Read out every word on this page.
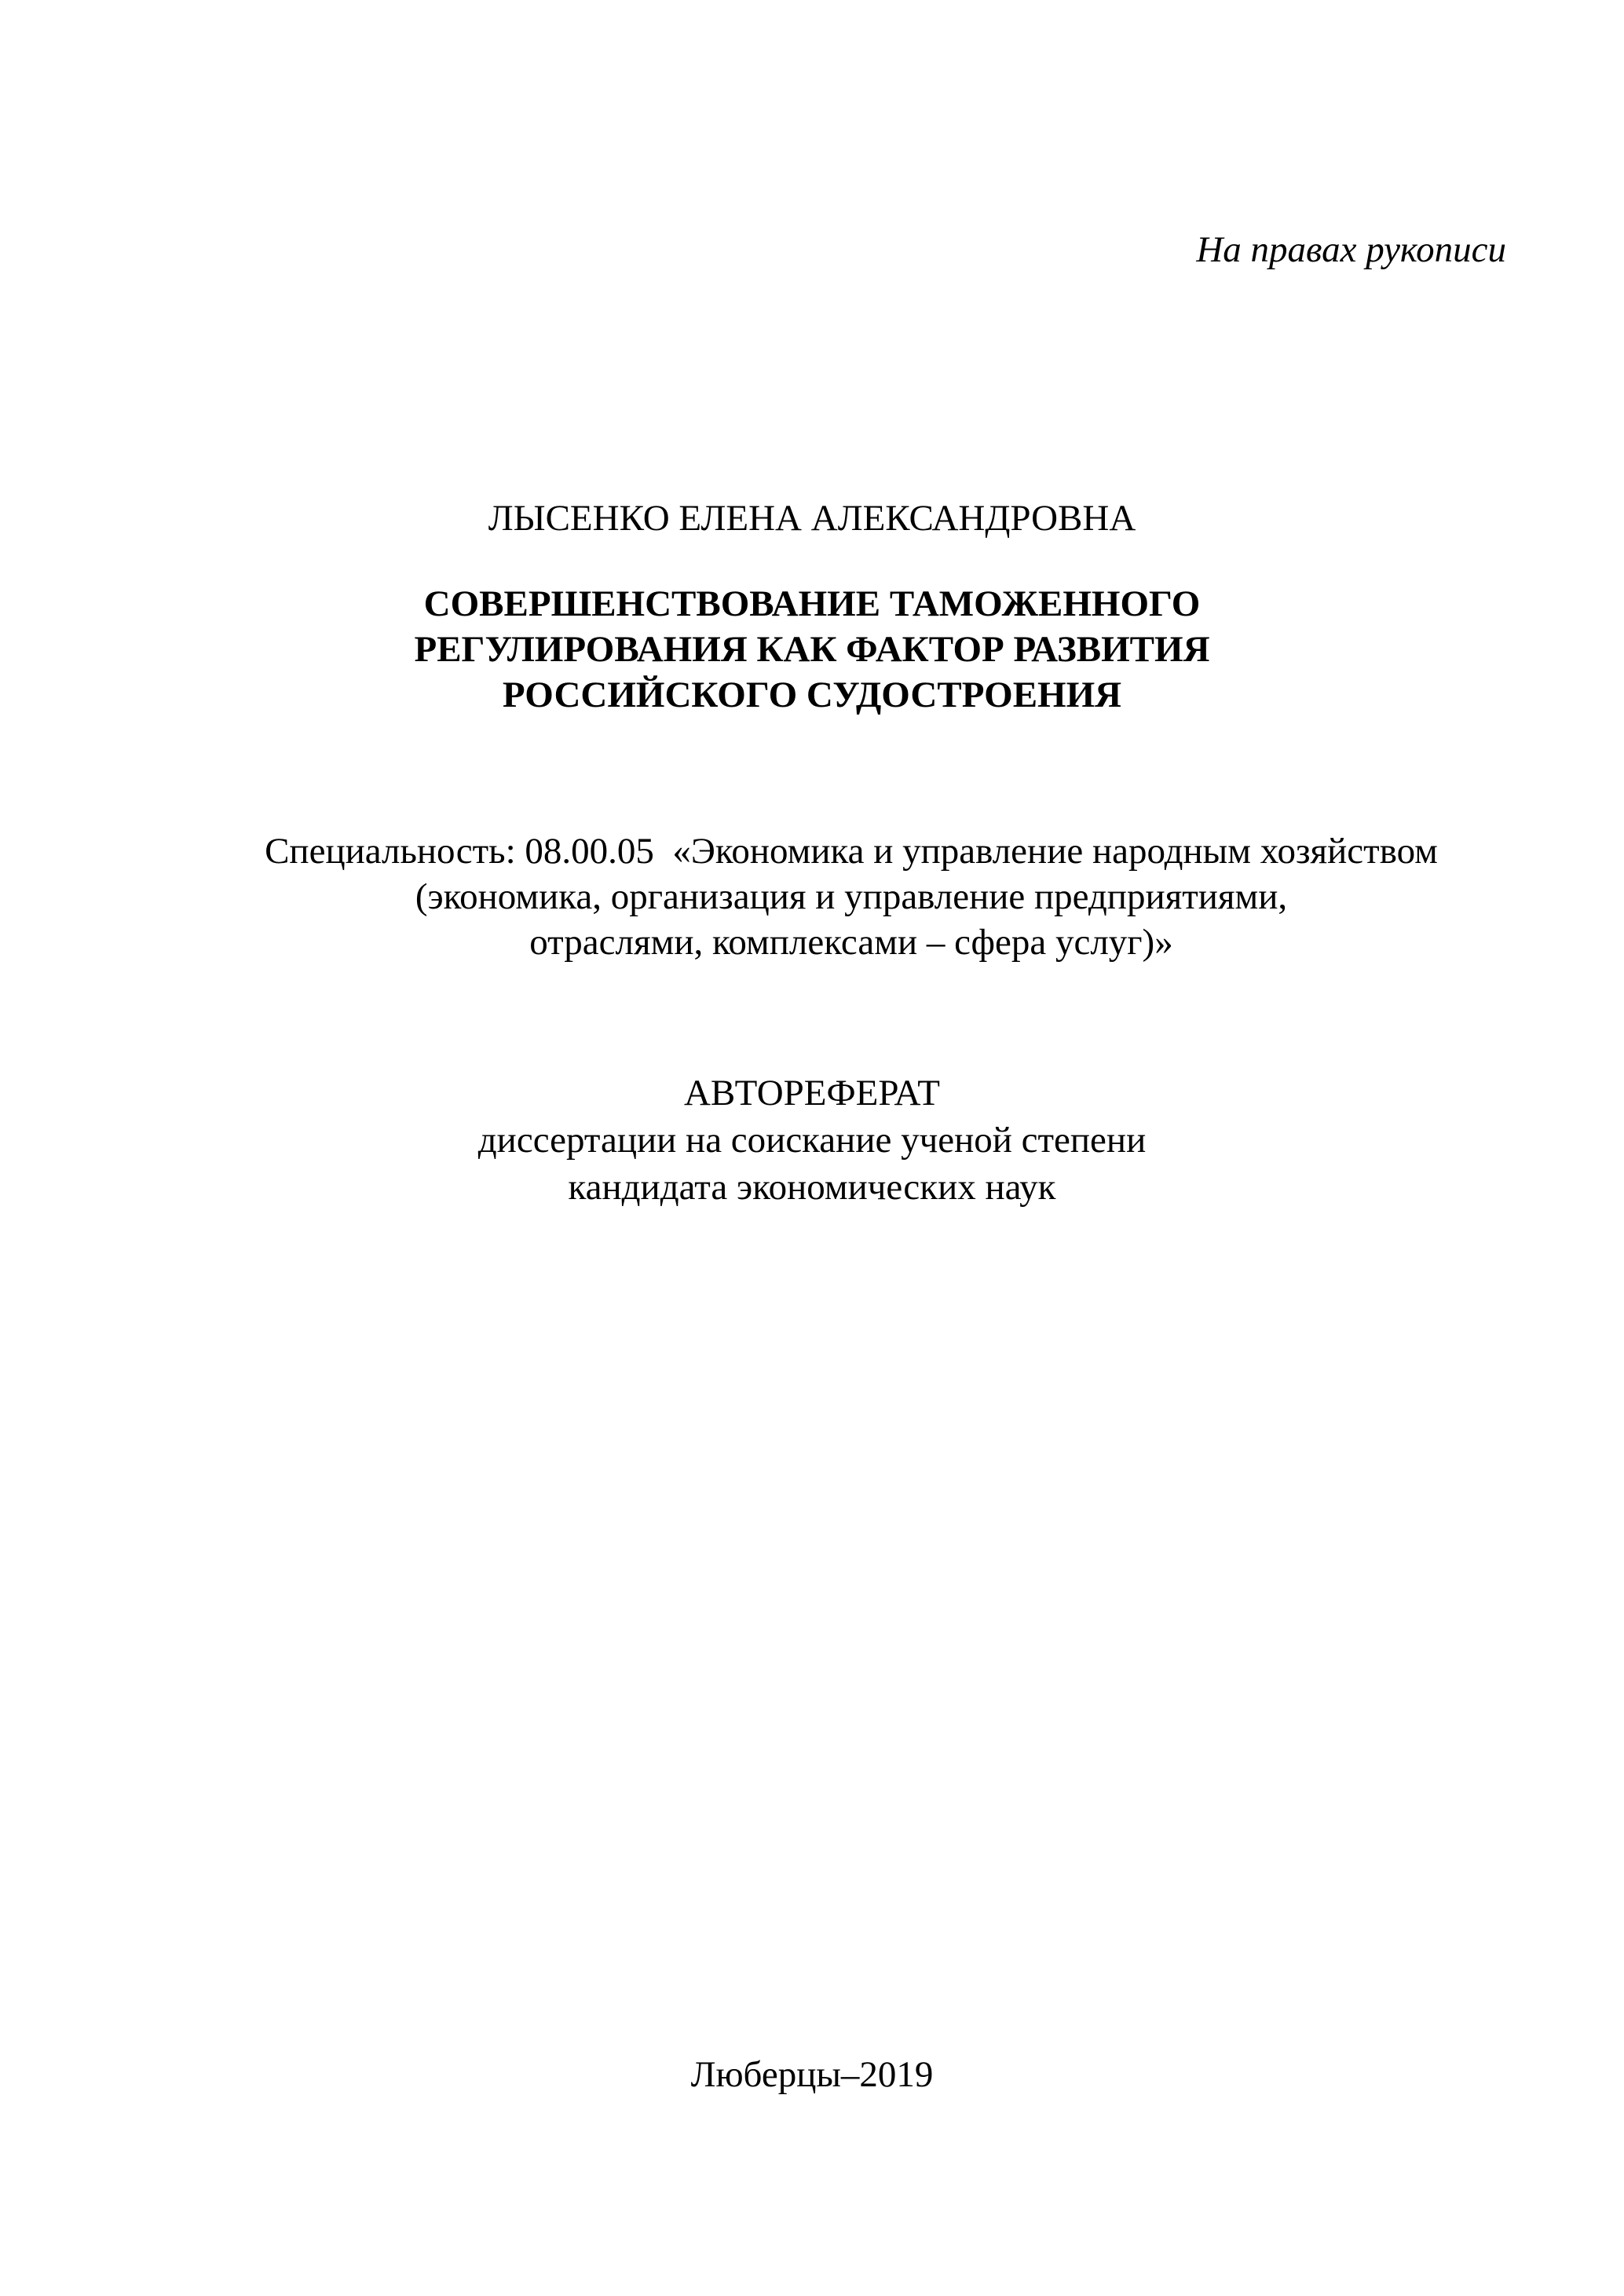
На правах рукописи
ЛЫСЕНКО ЕЛЕНА АЛЕКСАНДРОВНА
СОВЕРШЕНСТВОВАНИЕ ТАМОЖЕННОГО
РЕГУЛИРОВАНИЯ КАК ФАКТОР РАЗВИТИЯ
РОССИЙСКОГО СУДОСТРОЕНИЯ
Специальность: 08.00.05  «Экономика и управление народным хозяйством
(экономика, организация и управление предприятиями,
отраслями, комплексами – сфера услуг)»
АВТОРЕФЕРАТ
диссертации на соискание ученой степени
кандидата экономических наук
Люберцы–2019
